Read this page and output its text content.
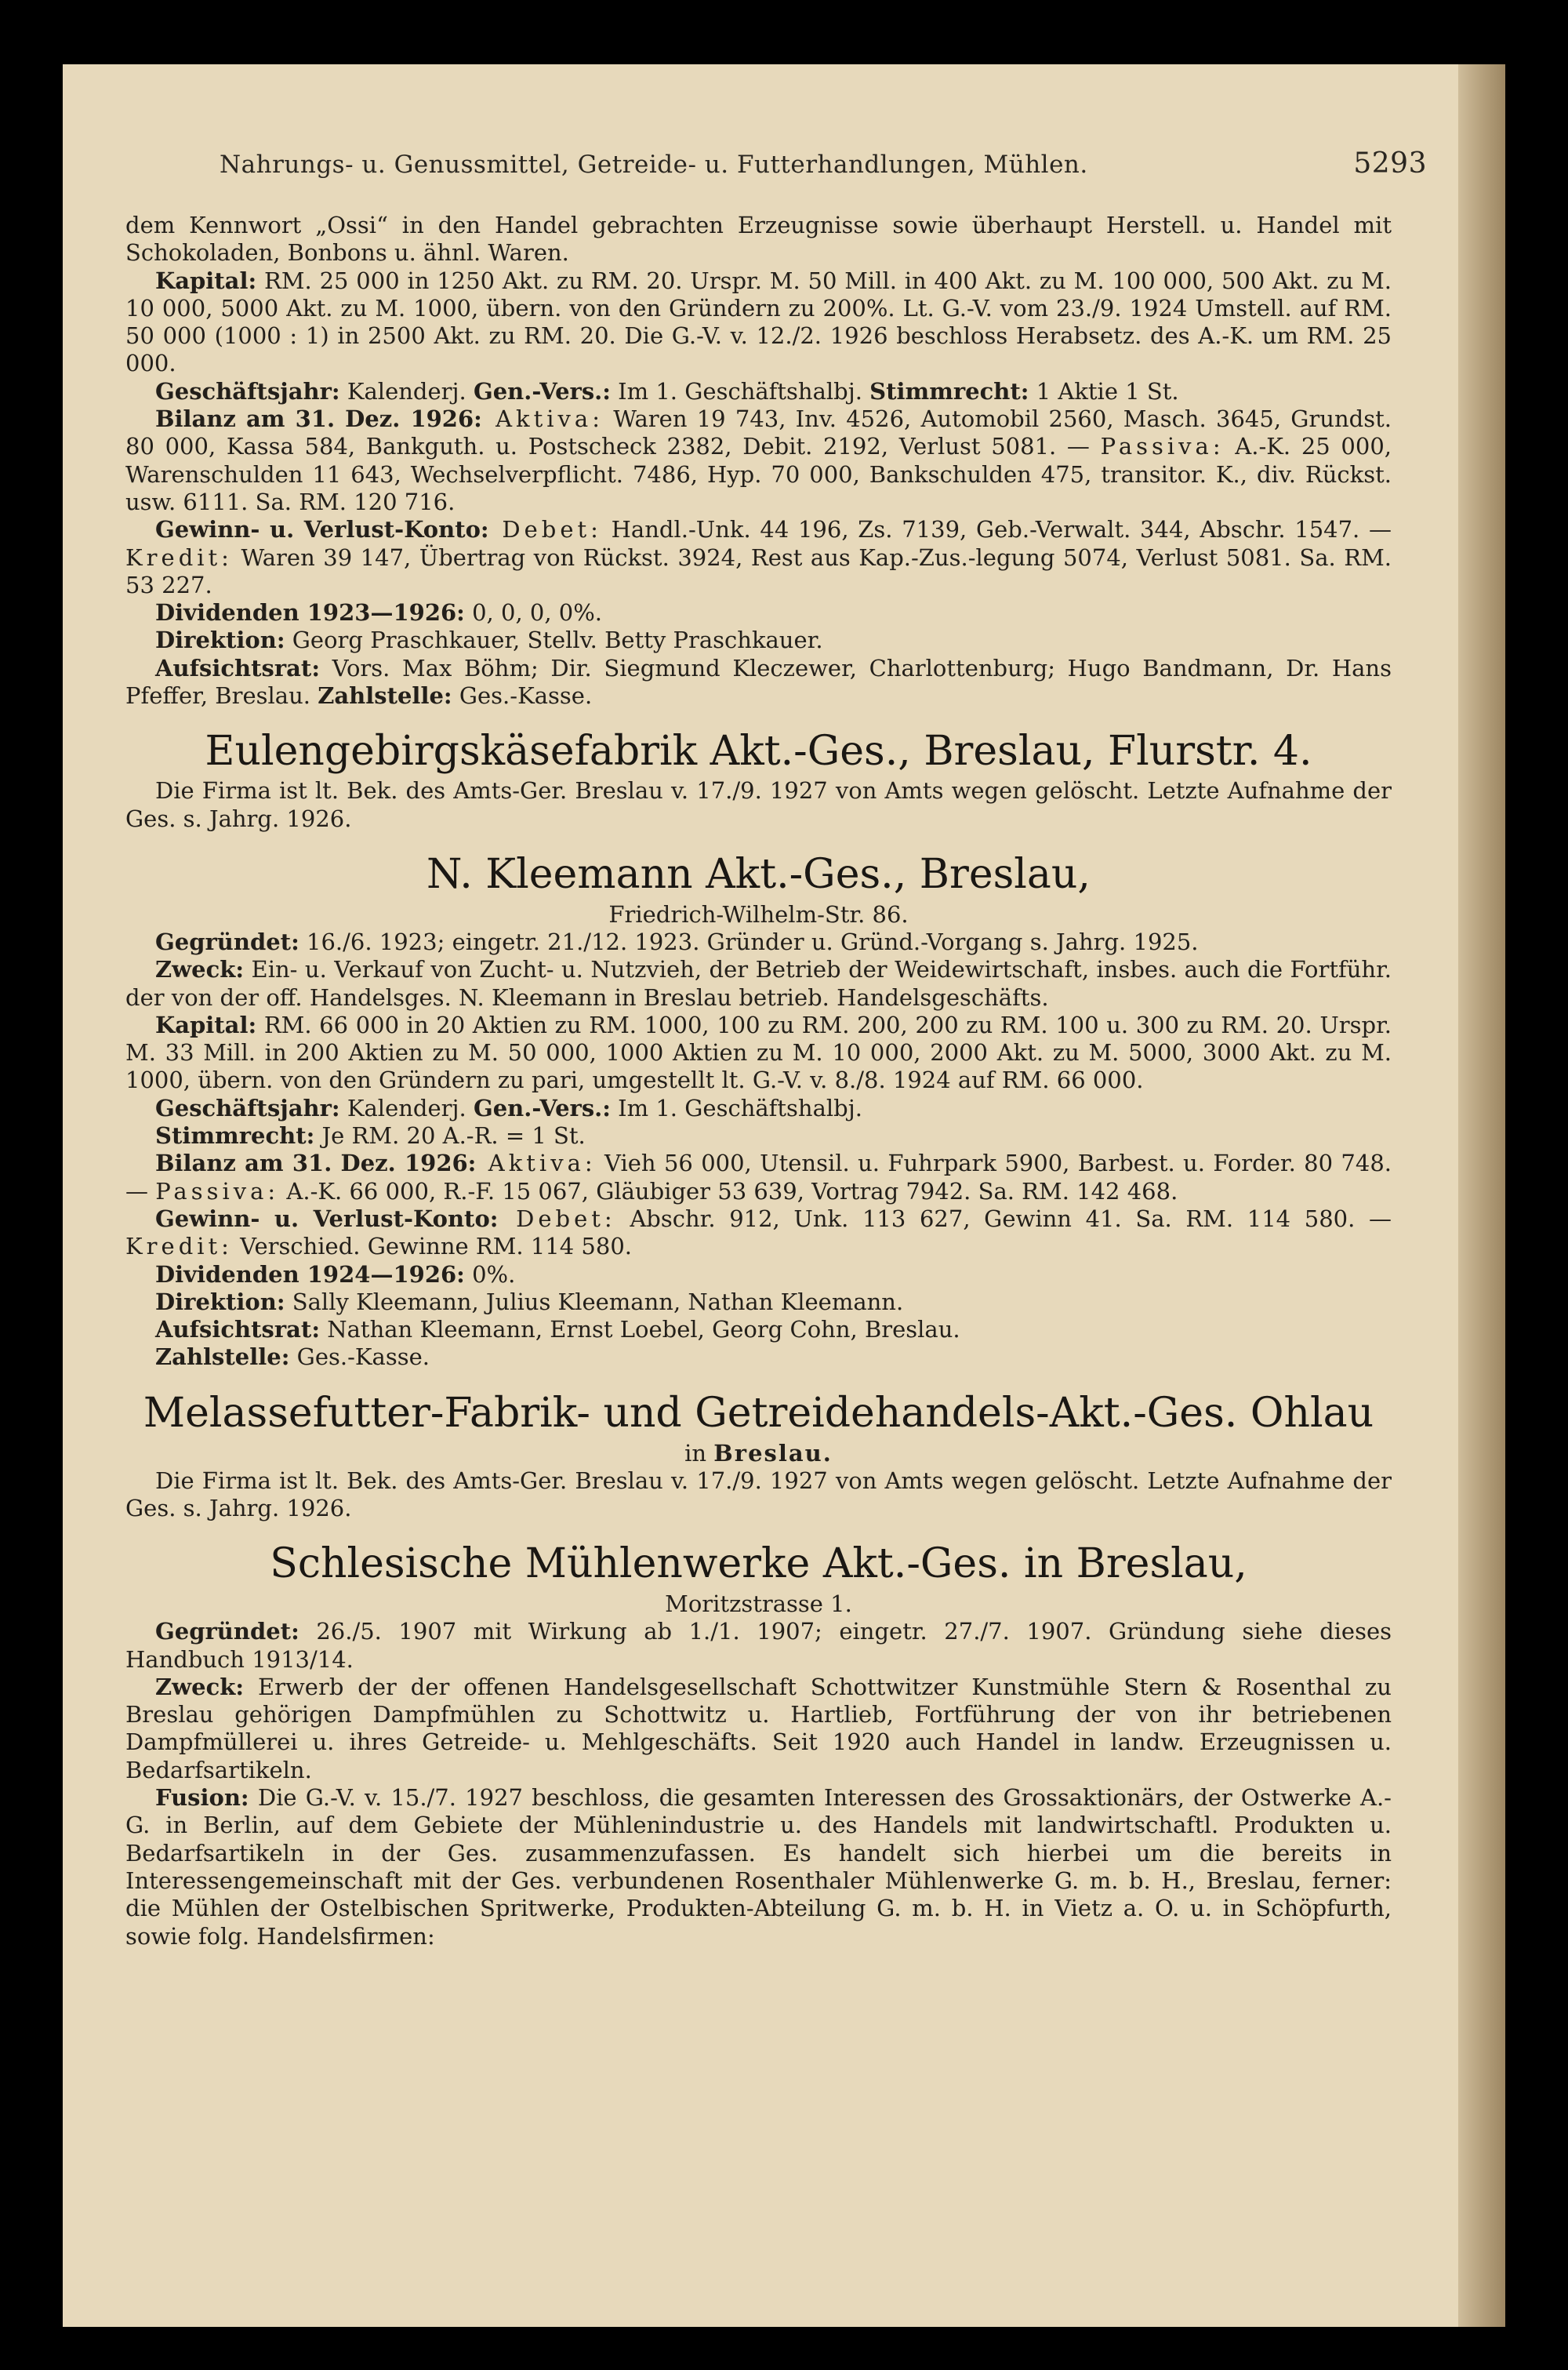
Nahrungs- u. Genussmittel, Getreide- u. Futterhandlungen, Mühlen.	5293

dem Kennwort „Ossi“ in den Handel gebrachten Erzeugnisse sowie überhaupt Herstell. u. Handel mit Schokoladen, Bonbons u. ähnl. Waren.

Kapital: RM. 25 000 in 1250 Akt. zu RM. 20. Urspr. M. 50 Mill. in 400 Akt. zu M. 100 000, 500 Akt. zu M. 10 000, 5000 Akt. zu M. 1000, übern. von den Gründern zu 200%. Lt. G.-V. vom 23./9. 1924 Umstell. auf RM. 50 000 (1000 : 1) in 2500 Akt. zu RM. 20. Die G.-V. v. 12./2. 1926 beschloss Herabsetz. des A.-K. um RM. 25 000.

Geschäftsjahr: Kalenderj. Gen.-Vers.: Im 1. Geschäftshalbj. Stimmrecht: 1 Aktie 1 St.

Bilanz am 31. Dez. 1926: Aktiva: Waren 19 743, Inv. 4526, Automobil 2560, Masch. 3645, Grundst. 80 000, Kassa 584, Bankguth. u. Postscheck 2382, Debit. 2192, Verlust 5081. — Passiva: A.-K. 25 000, Warenschulden 11 643, Wechselverpflicht. 7486, Hyp. 70 000, Bankschulden 475, transitor. K., div. Rückst. usw. 6111. Sa. RM. 120 716.

Gewinn- u. Verlust-Konto: Debet: Handl.-Unk. 44 196, Zs. 7139, Geb.-Verwalt. 344, Abschr. 1547. — Kredit: Waren 39 147, Übertrag von Rückst. 3924, Rest aus Kap.-Zus.-legung 5074, Verlust 5081. Sa. RM. 53 227.

Dividenden 1923—1926: 0, 0, 0, 0%.

Direktion: Georg Praschkauer, Stellv. Betty Praschkauer.

Aufsichtsrat: Vors. Max Böhm; Dir. Siegmund Kleczewer, Charlottenburg; Hugo Bandmann, Dr. Hans Pfeffer, Breslau. Zahlstelle: Ges.-Kasse.

Eulengebirgskäsefabrik Akt.-Ges., Breslau, Flurstr. 4.

Die Firma ist lt. Bek. des Amts-Ger. Breslau v. 17./9. 1927 von Amts wegen gelöscht. Letzte Aufnahme der Ges. s. Jahrg. 1926.

N. Kleemann Akt.-Ges., Breslau,

Friedrich-Wilhelm-Str. 86.

Gegründet: 16./6. 1923; eingetr. 21./12. 1923. Gründer u. Gründ.-Vorgang s. Jahrg. 1925.

Zweck: Ein- u. Verkauf von Zucht- u. Nutzvieh, der Betrieb der Weidewirtschaft, insbes. auch die Fortführ. der von der off. Handelsges. N. Kleemann in Breslau betrieb. Handelsgeschäfts.

Kapital: RM. 66 000 in 20 Aktien zu RM. 1000, 100 zu RM. 200, 200 zu RM. 100 u. 300 zu RM. 20. Urspr. M. 33 Mill. in 200 Aktien zu M. 50 000, 1000 Aktien zu M. 10 000, 2000 Akt. zu M. 5000, 3000 Akt. zu M. 1000, übern. von den Gründern zu pari, umgestellt lt. G.-V. v. 8./8. 1924 auf RM. 66 000.

Geschäftsjahr: Kalenderj. Gen.-Vers.: Im 1. Geschäftshalbj.

Stimmrecht: Je RM. 20 A.-R. = 1 St.

Bilanz am 31. Dez. 1926: Aktiva: Vieh 56 000, Utensil. u. Fuhrpark 5900, Barbest. u. Forder. 80 748. — Passiva: A.-K. 66 000, R.-F. 15 067, Gläubiger 53 639, Vortrag 7942. Sa. RM. 142 468.

Gewinn- u. Verlust-Konto: Debet: Abschr. 912, Unk. 113 627, Gewinn 41. Sa. RM. 114 580. — Kredit: Verschied. Gewinne RM. 114 580.

Dividenden 1924—1926: 0%.

Direktion: Sally Kleemann, Julius Kleemann, Nathan Kleemann.

Aufsichtsrat: Nathan Kleemann, Ernst Loebel, Georg Cohn, Breslau.

Zahlstelle: Ges.-Kasse.

Melassefutter-Fabrik- und Getreidehandels-Akt.-Ges. Ohlau

in Breslau.

Die Firma ist lt. Bek. des Amts-Ger. Breslau v. 17./9. 1927 von Amts wegen gelöscht. Letzte Aufnahme der Ges. s. Jahrg. 1926.

Schlesische Mühlenwerke Akt.-Ges. in Breslau,

Moritzstrasse 1.

Gegründet: 26./5. 1907 mit Wirkung ab 1./1. 1907; eingetr. 27./7. 1907. Gründung siehe dieses Handbuch 1913/14.

Zweck: Erwerb der der offenen Handelsgesellschaft Schottwitzer Kunstmühle Stern & Rosenthal zu Breslau gehörigen Dampfmühlen zu Schottwitz u. Hartlieb, Fortführung der von ihr betriebenen Dampfmüllerei u. ihres Getreide- u. Mehlgeschäfts. Seit 1920 auch Handel in landw. Erzeugnissen u. Bedarfsartikeln.

Fusion: Die G.-V. v. 15./7. 1927 beschloss, die gesamten Interessen des Grossaktionärs, der Ostwerke A.-G. in Berlin, auf dem Gebiete der Mühlenindustrie u. des Handels mit landwirtschaftl. Produkten u. Bedarfsartikeln in der Ges. zusammenzufassen. Es handelt sich hierbei um die bereits in Interessengemeinschaft mit der Ges. verbundenen Rosenthaler Mühlenwerke G. m. b. H., Breslau, ferner: die Mühlen der Ostelbischen Spritwerke, Produkten-Abteilung G. m. b. H. in Vietz a. O. u. in Schöpfurth, sowie folg. Handelsfirmen:
